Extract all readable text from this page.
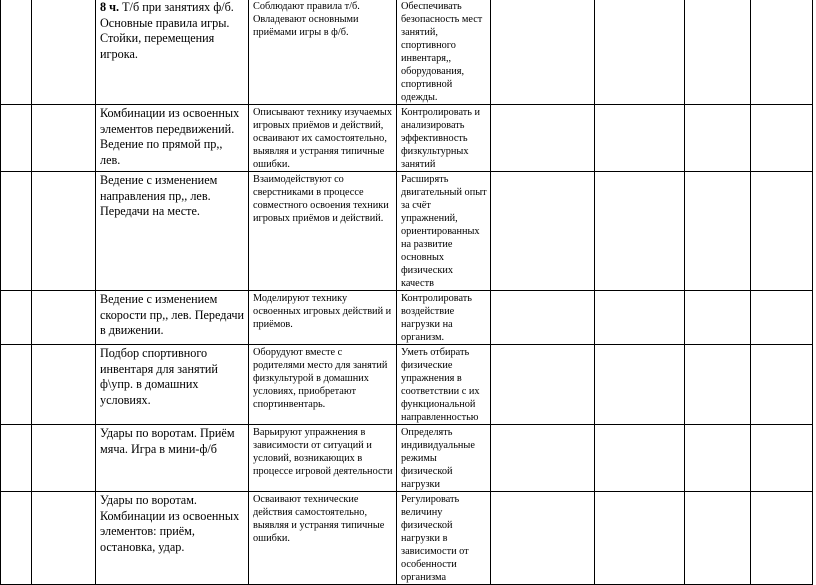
		8 ч. Т/б при занятиях ф/б. Основные правила игры. Стойки, перемещения игрока.	Соблюдают правила т/б. Овладевают основными приёмами игры в ф/б.	Обеспечивать безопасность мест занятий, спортивного инвентаря,, оборудования, спортивной одежды.				
		Комбинации из освоенных элементов передвижений. Ведение по прямой пр,, лев.	Описывают технику изучаемых игровых приёмов и действий, осваивают их самостоятельно, выявляя и устраняя типичные ошибки.	Контролировать и анализировать эффективность физкультурных занятий				
		Ведение с изменением направления пр,, лев. Передачи на месте.	Взаимодействуют со сверстниками в процессе совместного освоения техники игровых приёмов и действий.	Расширять двигательный опыт за счёт упражнений, ориентированных на развитие основных физических качеств				
		Ведение с изменением скорости пр,, лев. Передачи в движении.	Моделируют технику освоенных игровых действий и приёмов.	Контролировать воздействие нагрузки на организм.				
		Подбор спортивного инвентаря для занятий ф\упр. в домашних условиях.	Оборудуют вместе с родителями место для занятий физкультурой в домашних условиях, приобретают спортинвентарь.	Уметь отбирать физические упражнения в соответствии с их функциональной направленностью				
		Удары по воротам. Приём мяча. Игра в мини-ф/б	Варьируют упражнения в зависимости от ситуаций и условий, возникающих в процессе игровой деятельности	Определять индивидуальные режимы физической нагрузки				
		Удары по воротам. Комбинации из освоенных элементов: приём, остановка, удар.	Осваивают технические действия самостоятельно, выявляя и устраняя типичные ошибки.	Регулировать величину физической нагрузки в зависимости от особенности организма				
